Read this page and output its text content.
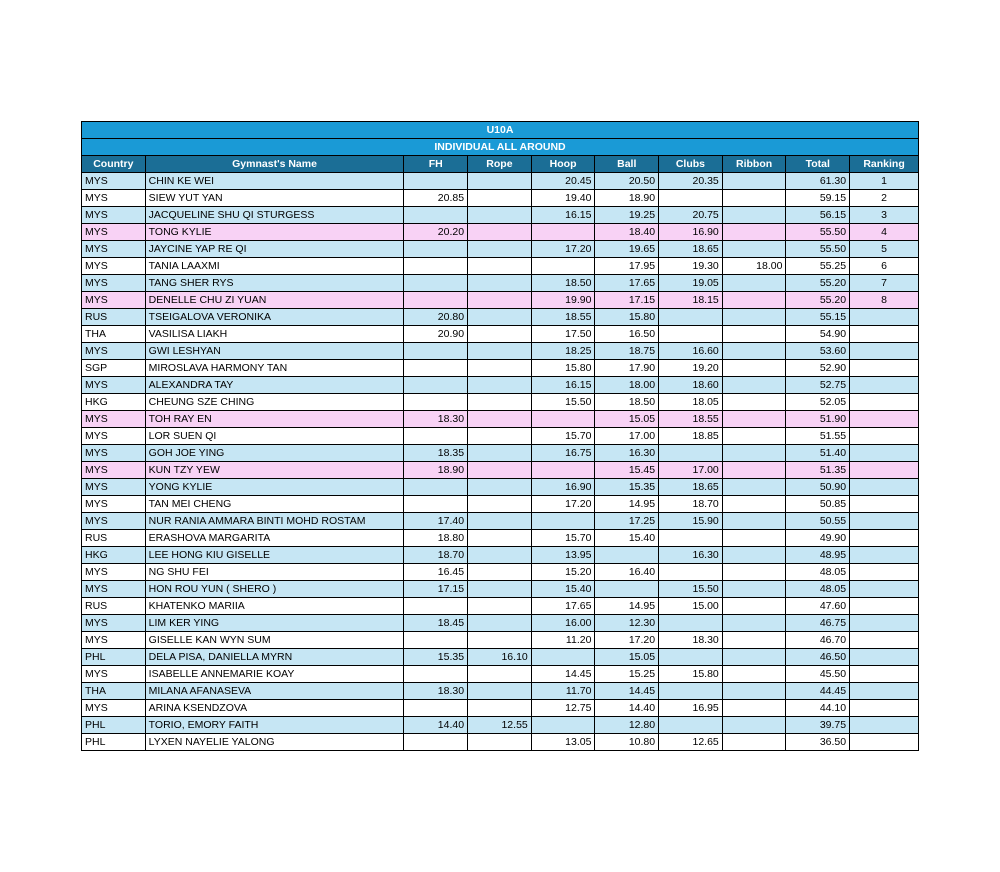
U10A									
INDIVIDUAL ALL AROUND									
Country	Gymnast's Name	FH	Rope	Hoop	Ball	Clubs	Ribbon	Total	Ranking
MYS	CHIN KE WEI			20.45	20.50	20.35		61.30	1
MYS	SIEW YUT YAN	20.85		19.40	18.90			59.15	2
MYS	JACQUELINE SHU QI STURGESS			16.15	19.25	20.75		56.15	3
MYS	TONG KYLIE	20.20			18.40	16.90		55.50	4
MYS	JAYCINE YAP RE QI			17.20	19.65	18.65		55.50	5
MYS	TANIA LAAXMI				17.95	19.30	18.00	55.25	6
MYS	TANG SHER RYS			18.50	17.65	19.05		55.20	7
MYS	DENELLE CHU ZI YUAN			19.90	17.15	18.15		55.20	8
RUS	TSEIGALOVA VERONIKA	20.80		18.55	15.80			55.15	
THA	VASILISA LIAKH	20.90		17.50	16.50			54.90	
MYS	GWI LESHYAN			18.25	18.75	16.60		53.60	
SGP	MIROSLAVA HARMONY TAN			15.80	17.90	19.20		52.90	
MYS	ALEXANDRA TAY			16.15	18.00	18.60		52.75	
HKG	CHEUNG SZE CHING			15.50	18.50	18.05		52.05	
MYS	TOH RAY EN	18.30			15.05	18.55		51.90	
MYS	LOR SUEN QI			15.70	17.00	18.85		51.55	
MYS	GOH JOE YING	18.35		16.75	16.30			51.40	
MYS	KUN TZY YEW	18.90			15.45	17.00		51.35	
MYS	YONG KYLIE			16.90	15.35	18.65		50.90	
MYS	TAN MEI CHENG			17.20	14.95	18.70		50.85	
MYS	NUR RANIA AMMARA BINTI MOHD ROSTAM	17.40			17.25	15.90		50.55	
RUS	ERASHOVA MARGARITA	18.80		15.70	15.40			49.90	
HKG	LEE HONG KIU GISELLE	18.70		13.95		16.30		48.95	
MYS	NG SHU FEI	16.45		15.20	16.40			48.05	
MYS	HON ROU YUN ( SHERO )	17.15		15.40		15.50		48.05	
RUS	KHATENKO MARIIA			17.65	14.95	15.00		47.60	
MYS	LIM KER YING	18.45		16.00	12.30			46.75	
MYS	GISELLE KAN WYN SUM			11.20	17.20	18.30		46.70	
PHL	DELA PISA, DANIELLA MYRN	15.35	16.10		15.05			46.50	
MYS	ISABELLE ANNEMARIE KOAY			14.45	15.25	15.80		45.50	
THA	MILANA AFANASEVA	18.30		11.70	14.45			44.45	
MYS	ARINA KSENDZOVA			12.75	14.40	16.95		44.10	
PHL	TORIO, EMORY FAITH	14.40	12.55		12.80			39.75	
PHL	LYXEN NAYELIE YALONG			13.05	10.80	12.65		36.50	
